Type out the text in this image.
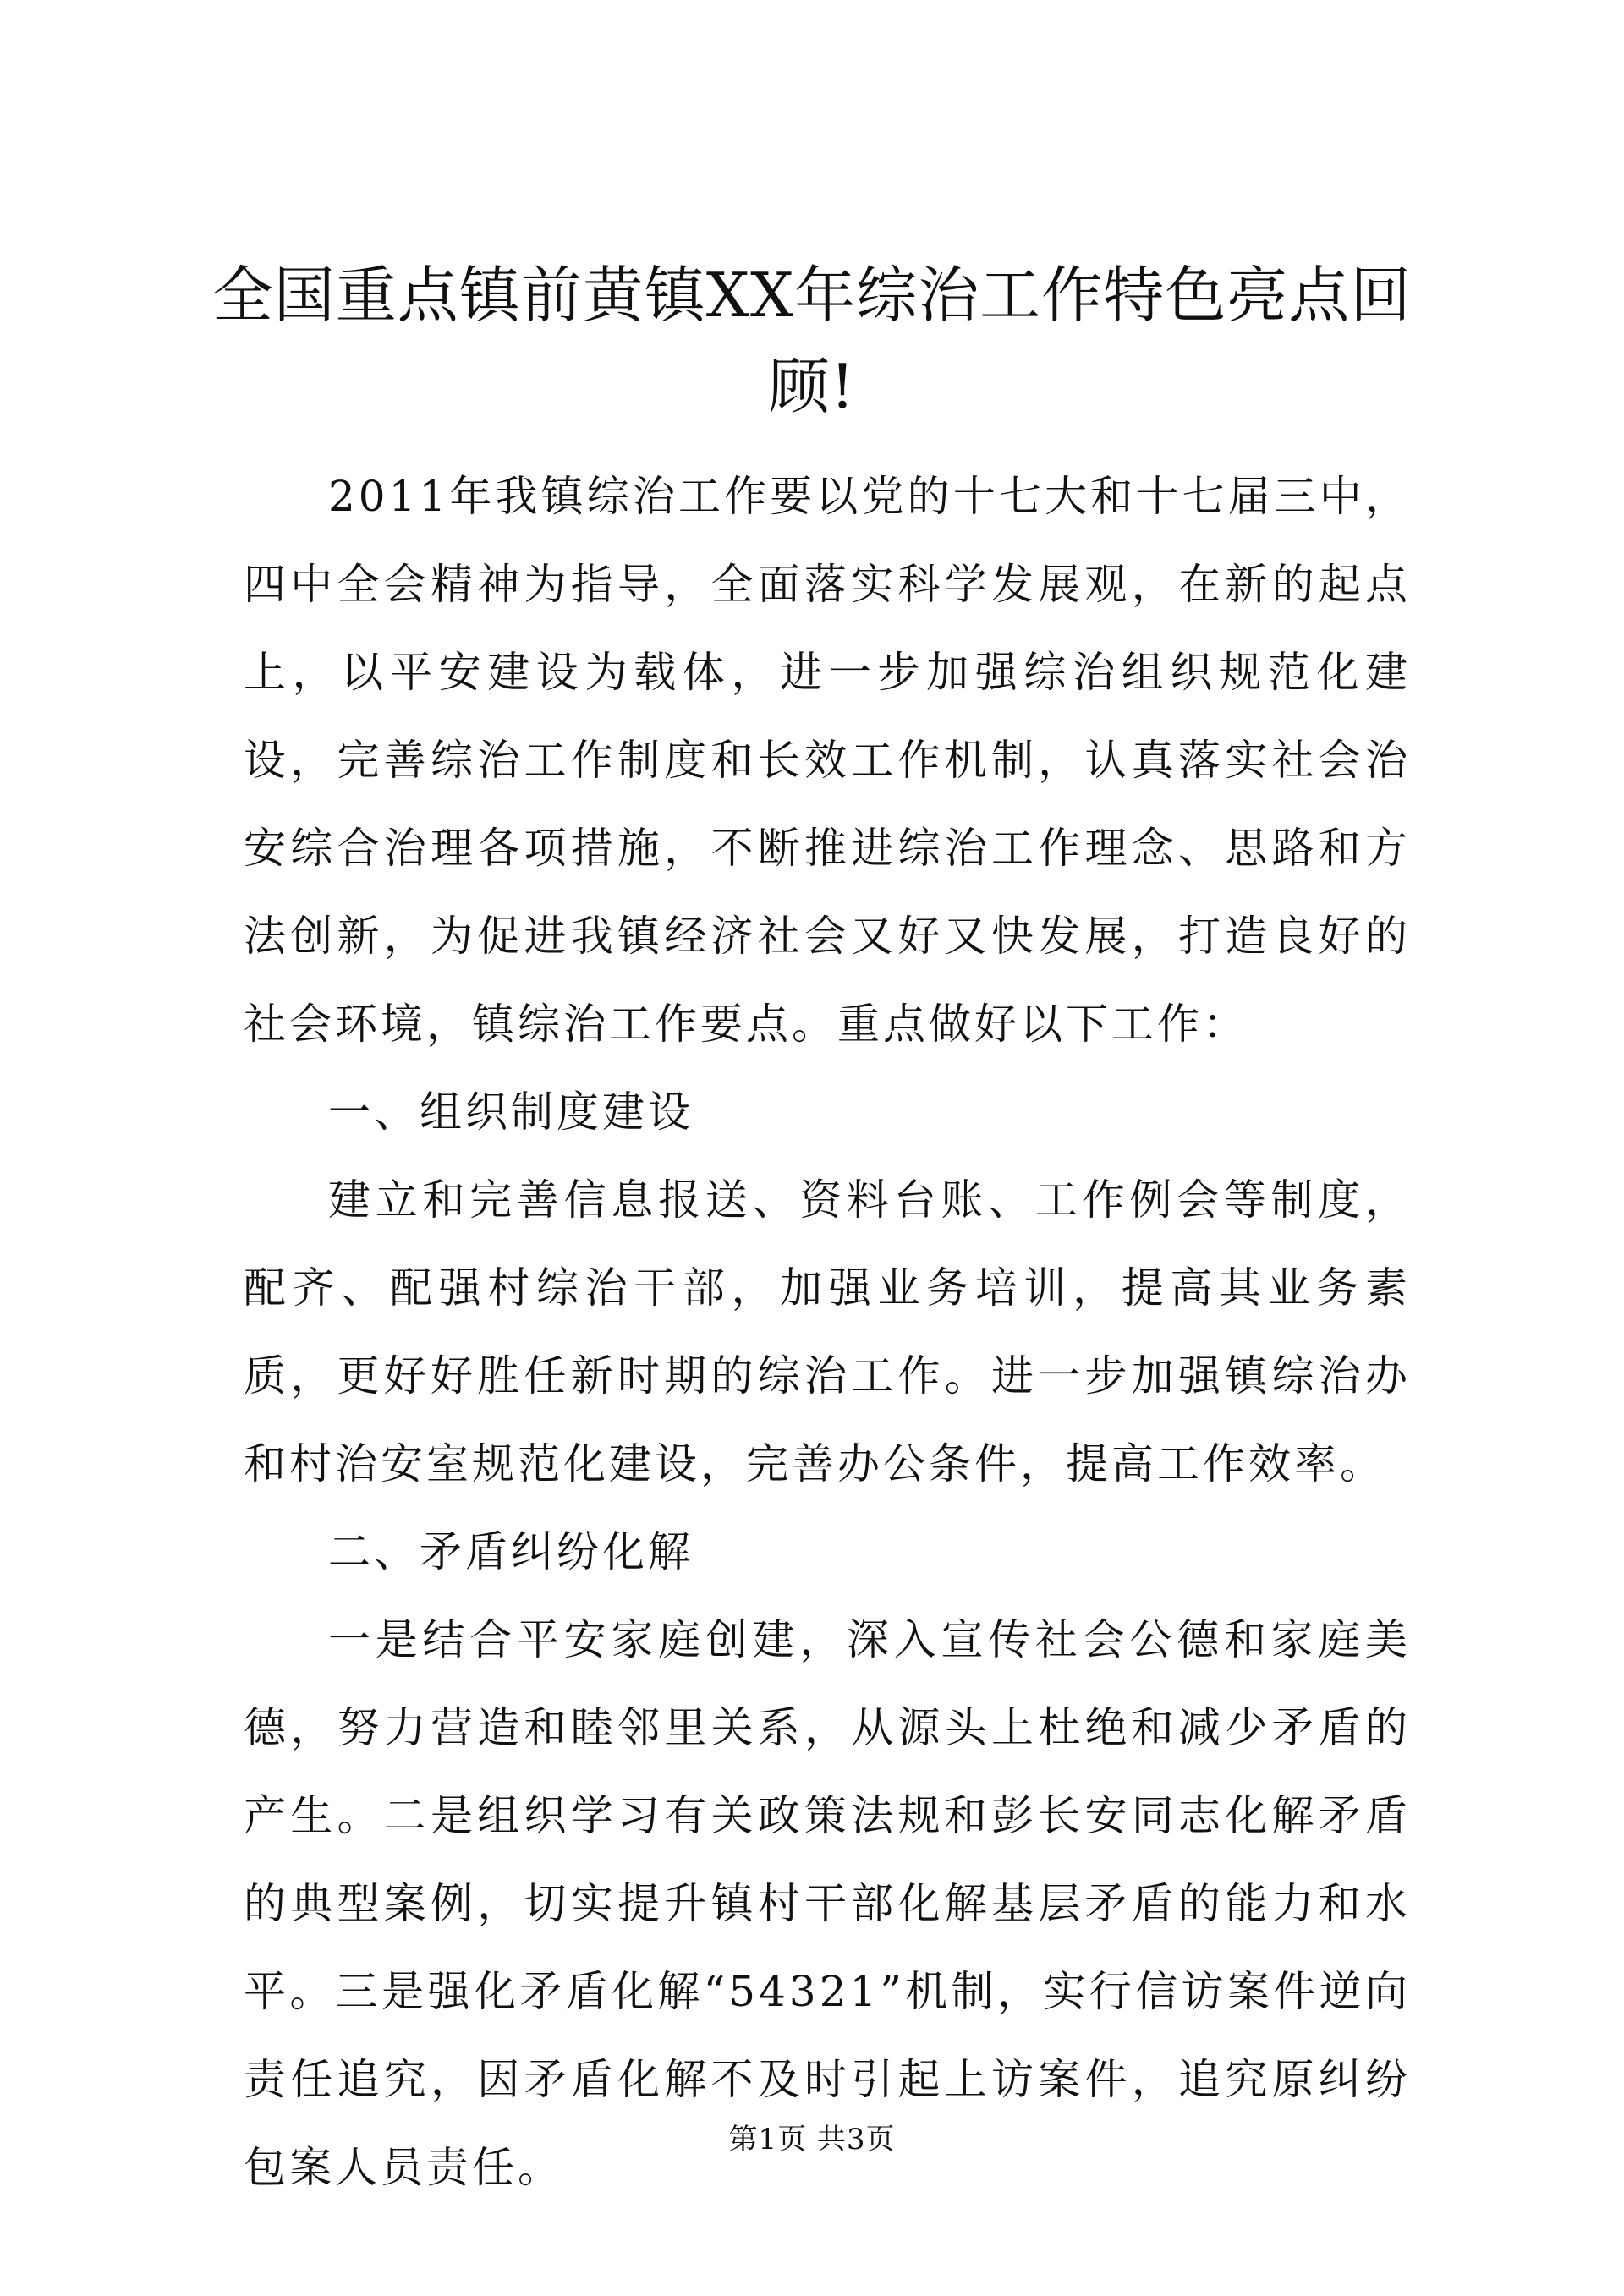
全国重点镇前黄镇XX年综治工作特色亮点回顾!

2011年我镇综治工作要以党的十七大和十七届三中，四中全会精神为指导，全面落实科学发展观，在新的起点上，以平安建设为载体，进一步加强综治组织规范化建设，完善综治工作制度和长效工作机制，认真落实社会治安综合治理各项措施，不断推进综治工作理念、思路和方法创新，为促进我镇经济社会又好又快发展，打造良好的社会环境，镇综治工作要点。重点做好以下工作：

一、组织制度建设

建立和完善信息报送、资料台账、工作例会等制度，配齐、配强村综治干部，加强业务培训，提高其业务素质，更好好胜任新时期的综治工作。进一步加强镇综治办和村治安室规范化建设，完善办公条件，提高工作效率。

二、矛盾纠纷化解

一是结合平安家庭创建，深入宣传社会公德和家庭美德，努力营造和睦邻里关系，从源头上杜绝和减少矛盾的产生。二是组织学习有关政策法规和彭长安同志化解矛盾的典型案例，切实提升镇村干部化解基层矛盾的能力和水平。三是强化矛盾化解“54321”机制，实行信访案件逆向责任追究，因矛盾化解不及时引起上访案件，追究原纠纷包案人员责任。

第1页 共3页
